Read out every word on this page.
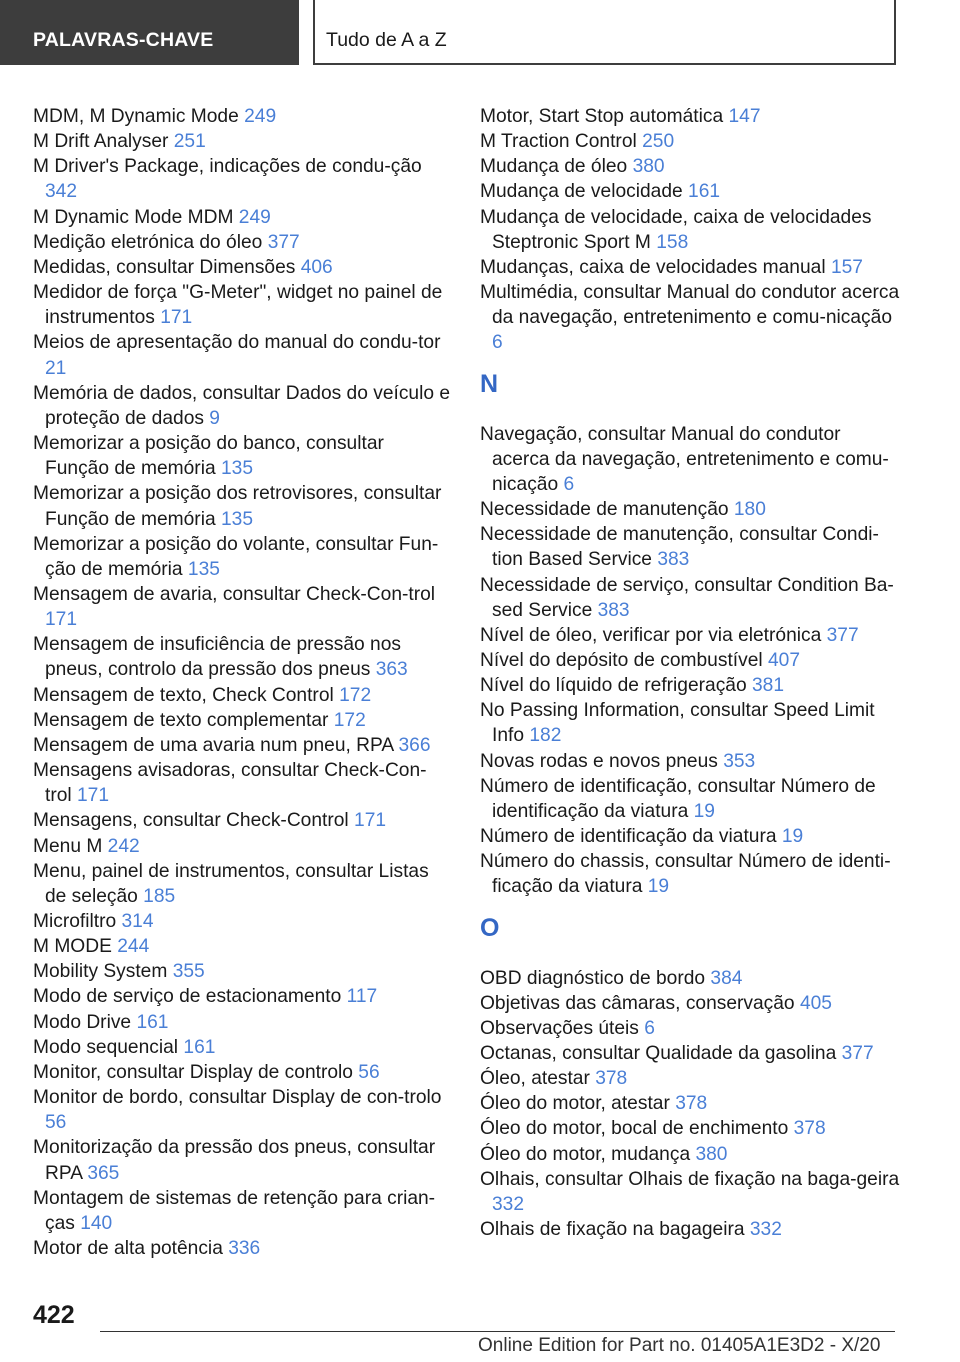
PALAVRAS-CHAVE	Tudo de A a Z
MDM, M Dynamic Mode 249
M Drift Analyser 251
M Driver's Package, indicações de condu‐ção 342
M Dynamic Mode MDM 249
Medição eletrónica do óleo 377
Medidas, consultar Dimensões 406
Medidor de força "G-Meter", widget no painel de instrumentos 171
Meios de apresentação do manual do condu‐tor 21
Memória de dados, consultar Dados do veículo e proteção de dados 9
Memorizar a posição do banco, consultar Função de memória 135
Memorizar a posição dos retrovisores, consultar Função de memória 135
Memorizar a posição do volante, consultar Fun‐ção de memória 135
Mensagem de avaria, consultar Check-Con‐trol 171
Mensagem de insuficiência de pressão nos pneus, controlo da pressão dos pneus 363
Mensagem de texto, Check Control 172
Mensagem de texto complementar 172
Mensagem de uma avaria num pneu, RPA 366
Mensagens avisadoras, consultar Check-Con‐trol 171
Mensagens, consultar Check-Control 171
Menu M 242
Menu, painel de instrumentos, consultar Listas de seleção 185
Microfiltro 314
M MODE 244
Mobility System 355
Modo de serviço de estacionamento 117
Modo Drive 161
Modo sequencial 161
Monitor, consultar Display de controlo 56
Monitor de bordo, consultar Display de con‐trolo 56
Monitorização da pressão dos pneus, consultar RPA 365
Montagem de sistemas de retenção para crian‐ças 140
Motor de alta potência 336
Motor, Start Stop automática 147
M Traction Control 250
Mudança de óleo 380
Mudança de velocidade 161
Mudança de velocidade, caixa de velocidades Steptronic Sport M 158
Mudanças, caixa de velocidades manual 157
Multimédia, consultar Manual do condutor acerca da navegação, entretenimento e comu‐nicação 6
N
Navegação, consultar Manual do condutor acerca da navegação, entretenimento e comu‐nicação 6
Necessidade de manutenção 180
Necessidade de manutenção, consultar Condi‐tion Based Service 383
Necessidade de serviço, consultar Condition Ba‐sed Service 383
Nível de óleo, verificar por via eletrónica 377
Nível do depósito de combustível 407
Nível do líquido de refrigeração 381
No Passing Information, consultar Speed Limit Info 182
Novas rodas e novos pneus 353
Número de identificação, consultar Número de identificação da viatura 19
Número de identificação da viatura 19
Número do chassis, consultar Número de identi‐ficação da viatura 19
O
OBD diagnóstico de bordo 384
Objetivas das câmaras, conservação 405
Observações úteis 6
Octanas, consultar Qualidade da gasolina 377
Óleo, atestar 378
Óleo do motor, atestar 378
Óleo do motor, bocal de enchimento 378
Óleo do motor, mudança 380
Olhais, consultar Olhais de fixação na baga‐geira 332
Olhais de fixação na bagageira 332
422
Online Edition for Part no. 01405A1E3D2 - X/20
